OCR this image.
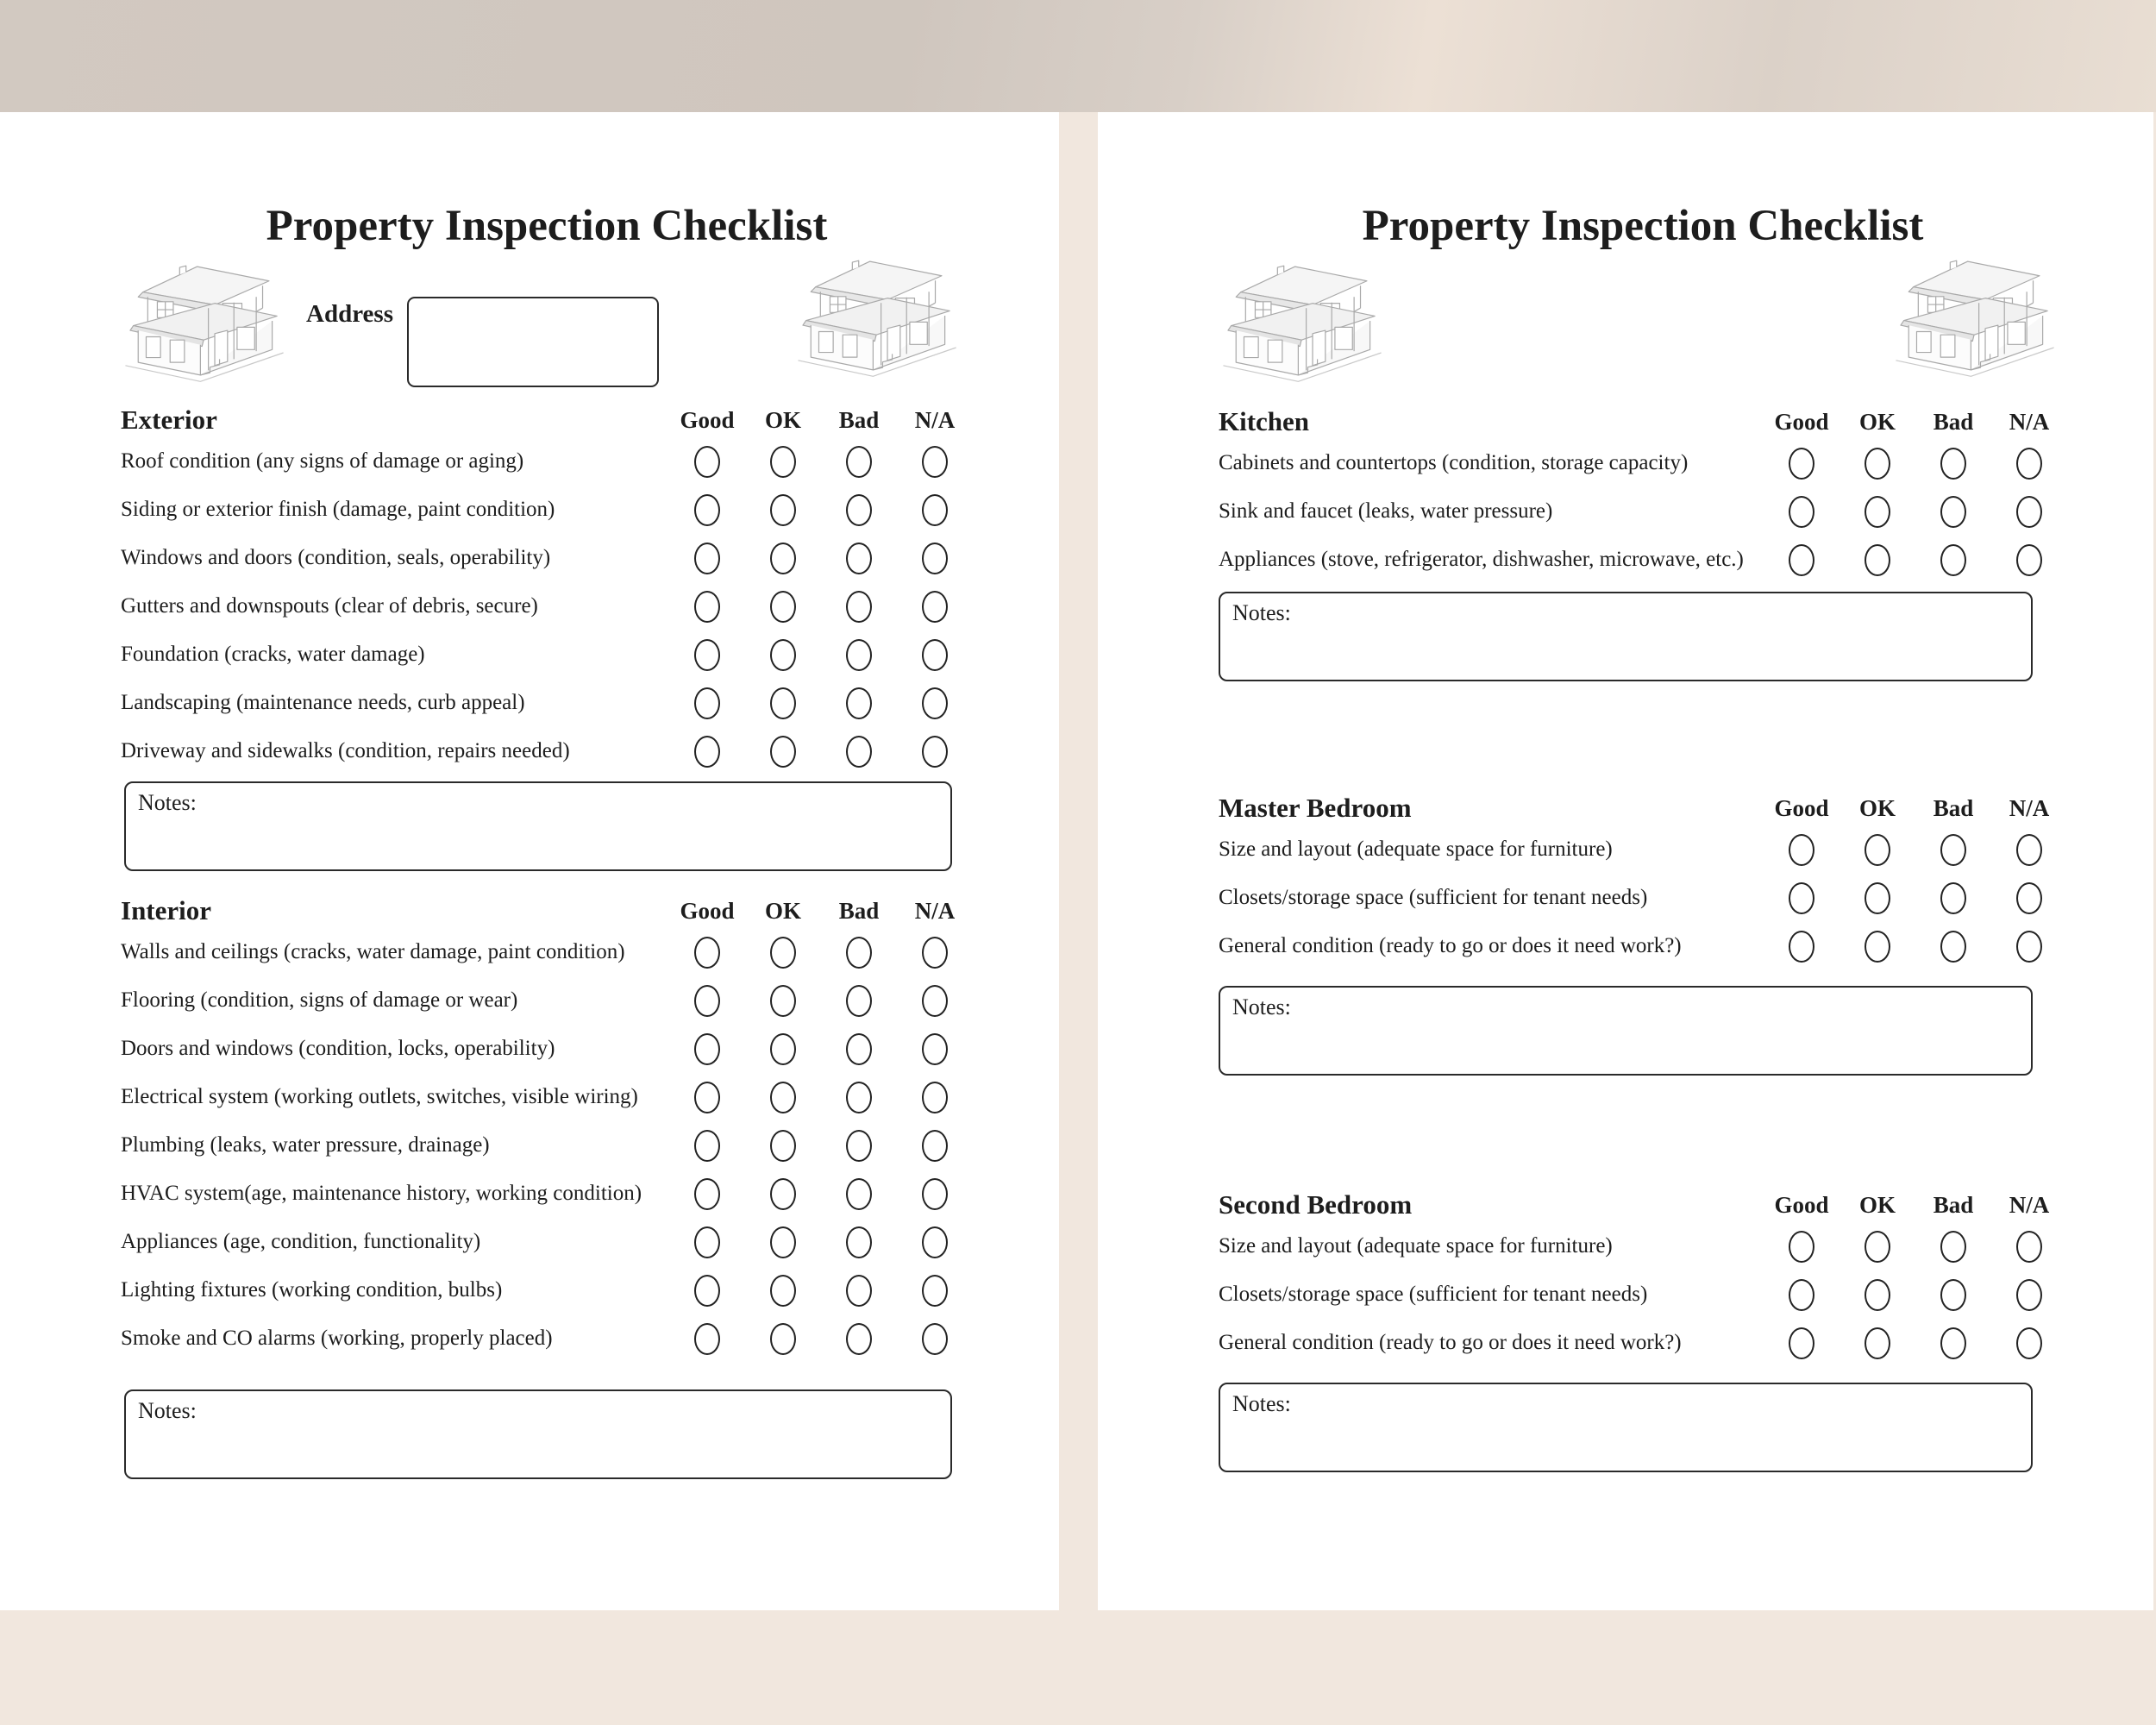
Property Inspection Checklist
Address
Exterior	Good OK Bad N/A
Roof condition (any signs of damage or aging)
Siding or exterior finish (damage, paint condition)
Windows and doors (condition, seals, operability)
Gutters and downspouts (clear of debris, secure)
Foundation (cracks, water damage)
Landscaping (maintenance needs, curb appeal)
Driveway and sidewalks (condition, repairs needed)
Notes:
Interior	Good OK Bad N/A
Walls and ceilings (cracks, water damage, paint condition)
Flooring (condition, signs of damage or wear)
Doors and windows (condition, locks, operability)
Electrical system (working outlets, switches, visible wiring)
Plumbing (leaks, water pressure, drainage)
HVAC system(age, maintenance history, working condition)
Appliances (age, condition, functionality)
Lighting fixtures (working condition, bulbs)
Smoke and CO alarms (working, properly placed)
Notes:
Property Inspection Checklist
Kitchen	Good OK Bad N/A
Cabinets and countertops (condition, storage capacity)
Sink and faucet (leaks, water pressure)
Appliances (stove, refrigerator, dishwasher, microwave, etc.)
Notes:
Master Bedroom	Good OK Bad N/A
Size and layout (adequate space for furniture)
Closets/storage space (sufficient for tenant needs)
General condition (ready to go or does it need work?)
Notes:
Second Bedroom	Good OK Bad N/A
Size and layout (adequate space for furniture)
Closets/storage space (sufficient for tenant needs)
General condition (ready to go or does it need work?)
Notes:
